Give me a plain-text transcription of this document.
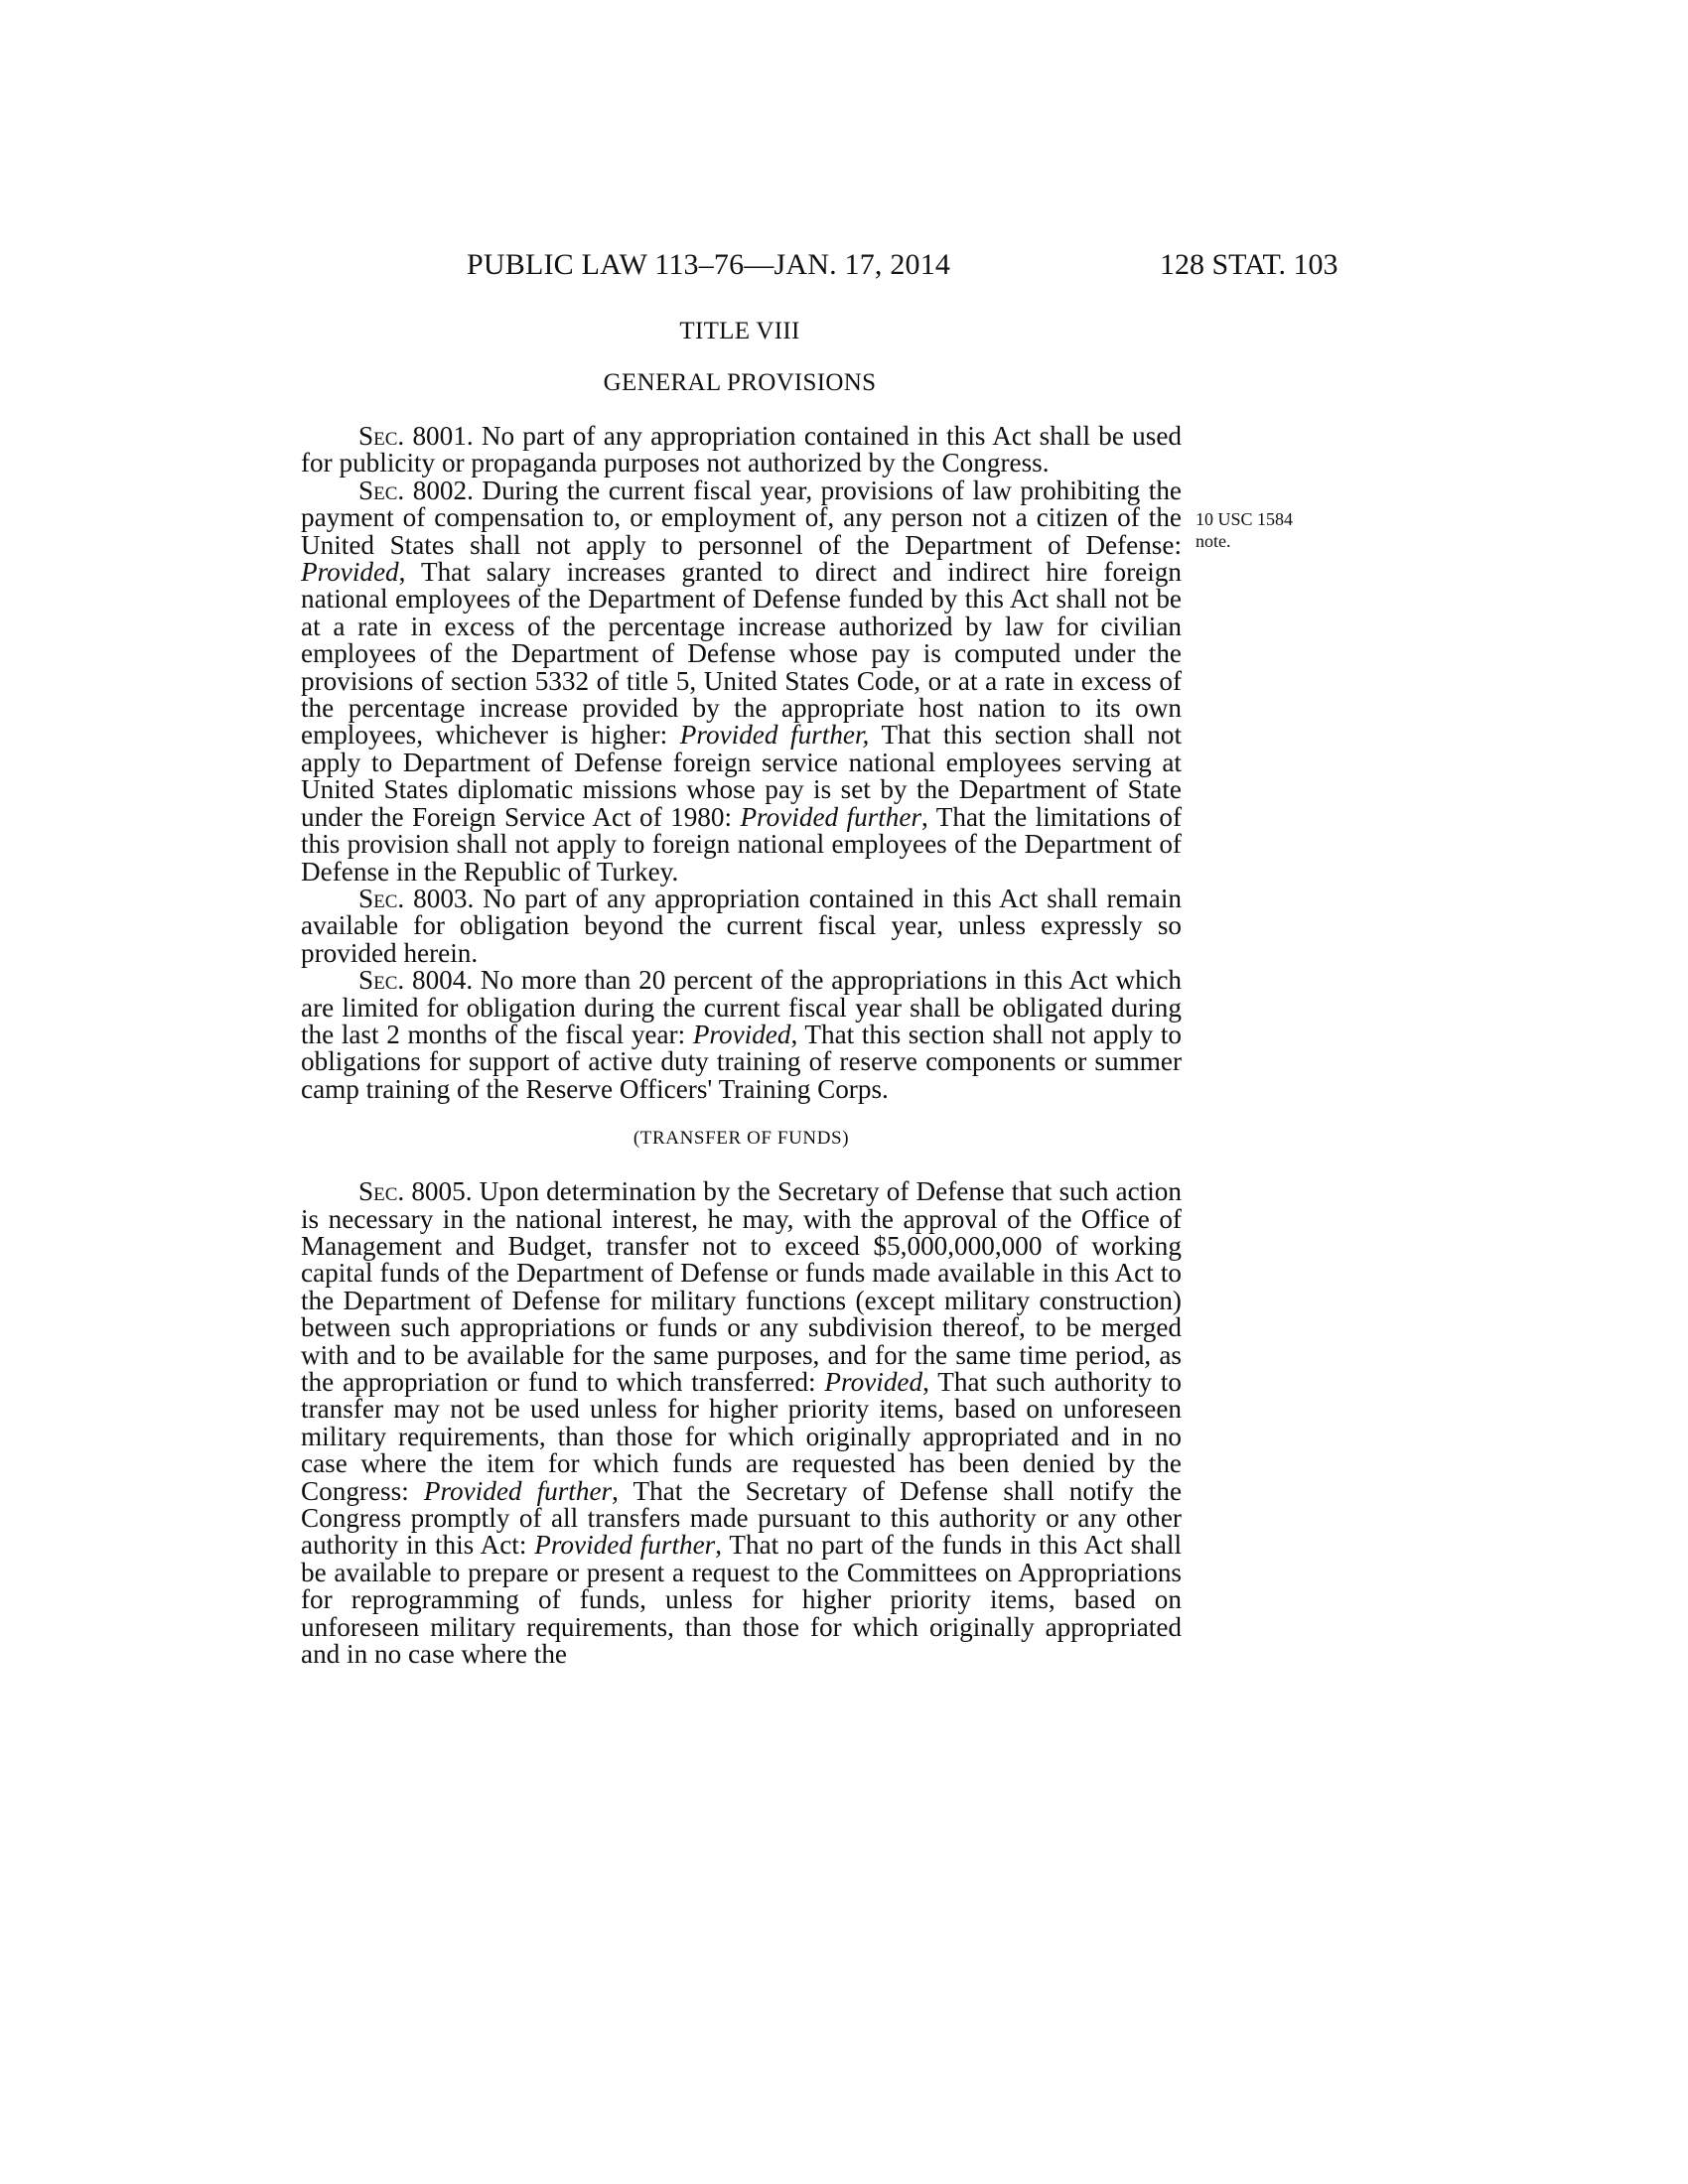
PUBLIC LAW 113–76—JAN. 17, 2014	128 STAT. 103
TITLE VIII
GENERAL PROVISIONS
10 USC 1584
note.

Sec. 8001. No part of any appropriation contained in this Act shall be used for publicity or propaganda purposes not authorized by the Congress.

Sec. 8002. During the current fiscal year, provisions of law prohibiting the payment of compensation to, or employment of, any person not a citizen of the United States shall not apply to personnel of the Department of Defense: Provided, That salary increases granted to direct and indirect hire foreign national employees of the Department of Defense funded by this Act shall not be at a rate in excess of the percentage increase authorized by law for civilian employees of the Department of Defense whose pay is computed under the provisions of section 5332 of title 5, United States Code, or at a rate in excess of the percentage increase provided by the appropriate host nation to its own employees, whichever is higher: Provided further, That this section shall not apply to Department of Defense foreign service national employees serving at United States diplomatic missions whose pay is set by the Department of State under the Foreign Service Act of 1980: Provided further, That the limitations of this provision shall not apply to foreign national employees of the Department of Defense in the Republic of Turkey.

Sec. 8003. No part of any appropriation contained in this Act shall remain available for obligation beyond the current fiscal year, unless expressly so provided herein.

Sec. 8004. No more than 20 percent of the appropriations in this Act which are limited for obligation during the current fiscal year shall be obligated during the last 2 months of the fiscal year: Provided, That this section shall not apply to obligations for support of active duty training of reserve components or summer camp training of the Reserve Officers' Training Corps.

(TRANSFER OF FUNDS)

Sec. 8005. Upon determination by the Secretary of Defense that such action is necessary in the national interest, he may, with the approval of the Office of Management and Budget, transfer not to exceed $5,000,000,000 of working capital funds of the Department of Defense or funds made available in this Act to the Department of Defense for military functions (except military construction) between such appropriations or funds or any subdivision thereof, to be merged with and to be available for the same purposes, and for the same time period, as the appropriation or fund to which transferred: Provided, That such authority to transfer may not be used unless for higher priority items, based on unforeseen military requirements, than those for which originally appropriated and in no case where the item for which funds are requested has been denied by the Congress: Provided further, That the Secretary of Defense shall notify the Congress promptly of all transfers made pursuant to this authority or any other authority in this Act: Provided further, That no part of the funds in this Act shall be available to prepare or present a request to the Committees on Appropriations for reprogramming of funds, unless for higher priority items, based on unforeseen military requirements, than those for which originally appropriated and in no case where the
